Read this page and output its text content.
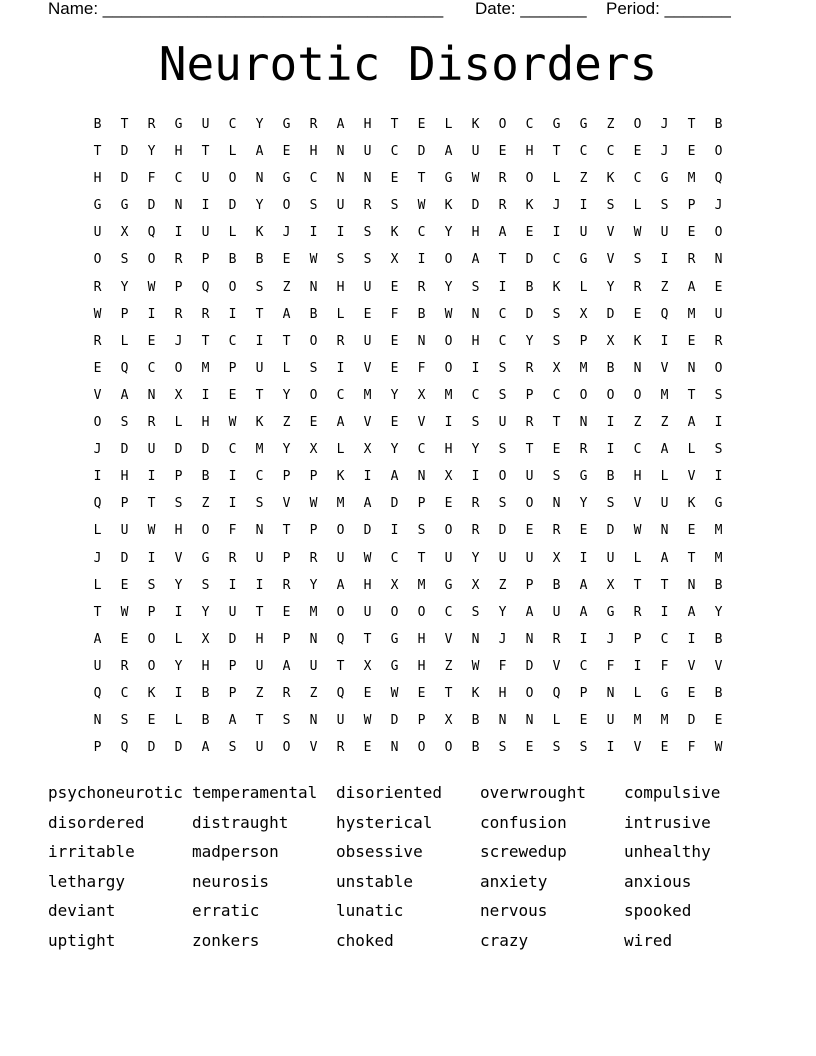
Name: ____________________________________ Date: _______ Period: _______
Neurotic Disorders
B	T	R	G	U	C	Y	G	R	A	H	T	E	L	K	O	C	G	G	Z	O	J	T	B
T	D	Y	H	T	L	A	E	H	N	U	C	D	A	U	E	H	T	C	C	E	J	E	O
H	D	F	C	U	O	N	G	C	N	N	E	T	G	W	R	O	L	Z	K	C	G	M	Q
G	G	D	N	I	D	Y	O	S	U	R	S	W	K	D	R	K	J	I	S	L	S	P	J
U	X	Q	I	U	L	K	J	I	I	S	K	C	Y	H	A	E	I	U	V	W	U	E	O
O	S	O	R	P	B	B	E	W	S	S	X	I	O	A	T	D	C	G	V	S	I	R	N
R	Y	W	P	Q	O	S	Z	N	H	U	E	R	Y	S	I	B	K	L	Y	R	Z	A	E
W	P	I	R	R	I	T	A	B	L	E	F	B	W	N	C	D	S	X	D	E	Q	M	U
R	L	E	J	T	C	I	T	O	R	U	E	N	O	H	C	Y	S	P	X	K	I	E	R
E	Q	C	O	M	P	U	L	S	I	V	E	F	O	I	S	R	X	M	B	N	V	N	O
V	A	N	X	I	E	T	Y	O	C	M	Y	X	M	C	S	P	C	O	O	O	M	T	S
O	S	R	L	H	W	K	Z	E	A	V	E	V	I	S	U	R	T	N	I	Z	Z	A	I
J	D	U	D	D	C	M	Y	X	L	X	Y	C	H	Y	S	T	E	R	I	C	A	L	S
I	H	I	P	B	I	C	P	P	K	I	A	N	X	I	O	U	S	G	B	H	L	V	I
Q	P	T	S	Z	I	S	V	W	M	A	D	P	E	R	S	O	N	Y	S	V	U	K	G
L	U	W	H	O	F	N	T	P	O	D	I	S	O	R	D	E	R	E	D	W	N	E	M
J	D	I	V	G	R	U	P	R	U	W	C	T	U	Y	U	U	X	I	U	L	A	T	M
L	E	S	Y	S	I	I	R	Y	A	H	X	M	G	X	Z	P	B	A	X	T	T	N	B
T	W	P	I	Y	U	T	E	M	O	U	O	O	C	S	Y	A	U	A	G	R	I	A	Y
A	E	O	L	X	D	H	P	N	Q	T	G	H	V	N	J	N	R	I	J	P	C	I	B
U	R	O	Y	H	P	U	A	U	T	X	G	H	Z	W	F	D	V	C	F	I	F	V	V
Q	C	K	I	B	P	Z	R	Z	Q	E	W	E	T	K	H	O	Q	P	N	L	G	E	B
N	S	E	L	B	A	T	S	N	U	W	D	P	X	B	N	N	L	E	U	M	M	D	E
P	Q	D	D	A	S	U	O	V	R	E	N	O	O	B	S	E	S	S	I	V	E	F	W
psychoneurotic temperamental	disoriented	overwrought	compulsive
disordered	distraught	hysterical	confusion	intrusive
irritable	madperson	obsessive	screwedup	unhealthy
lethargy	neurosis	unstable	anxiety	anxious
deviant	erratic	lunatic	nervous	spooked
uptight	zonkers	choked	crazy	wired
